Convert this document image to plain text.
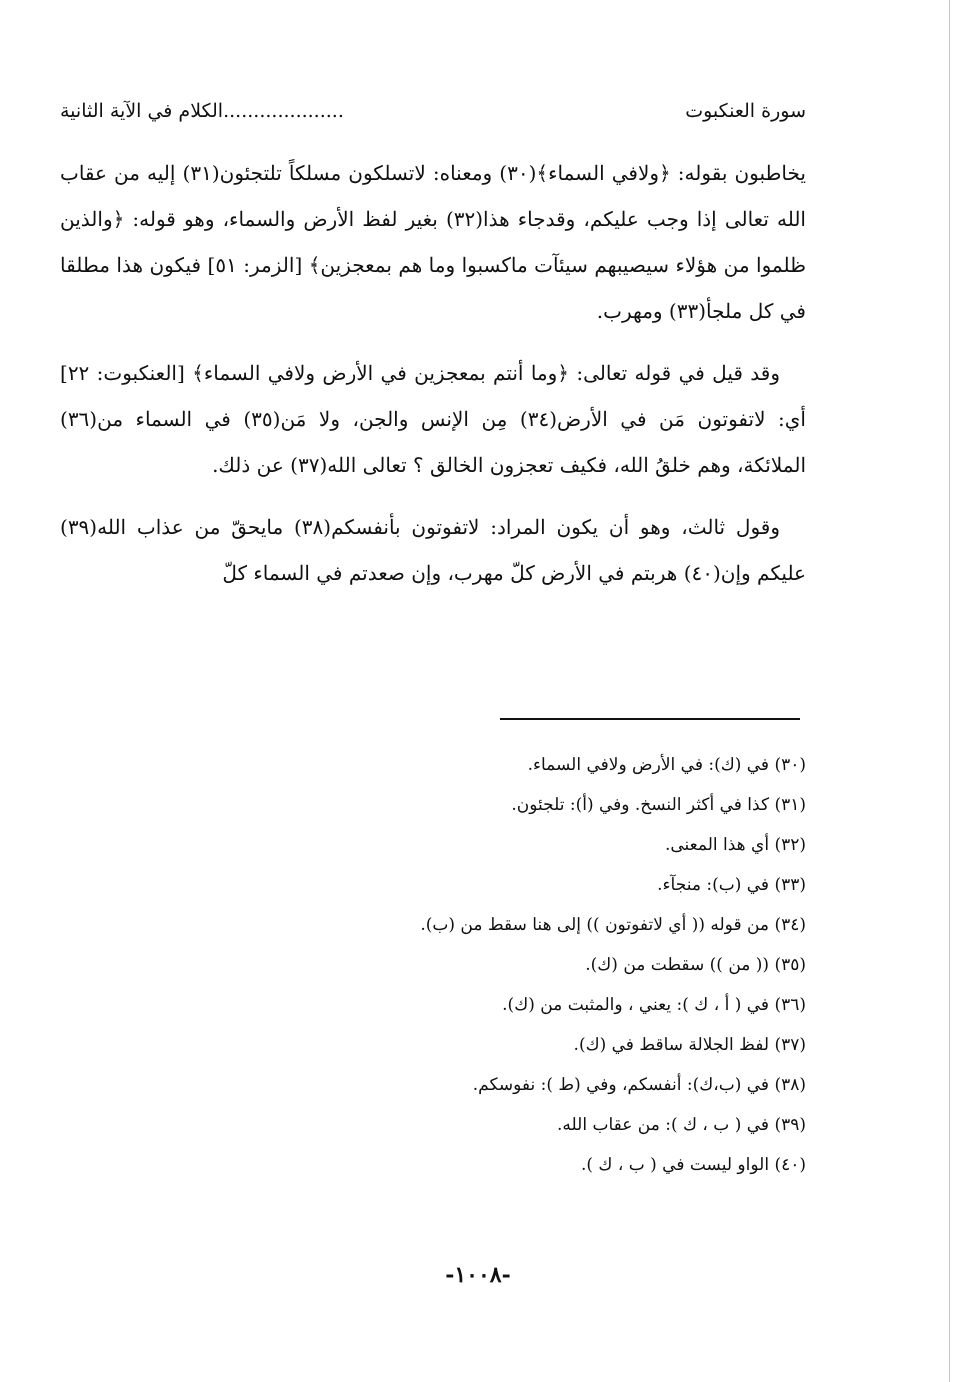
سورة العنكبوت
....................الكلام في الآية الثانية

يخاطبون بقوله: ﴿ولافي السماء﴾(٣٠) ومعناه: لاتسلكون مسلكاً تلتجئون(٣١) إليه من عقاب الله تعالى إذا وجب عليكم، وقدجاء هذا(٣٢) بغير لفظ الأرض والسماء، وهو قوله: ﴿والذين ظلموا من هؤلاء سيصيبهم سيئآت ماكسبوا وما هم بمعجزين﴾ [الزمر: ٥١] فيكون هذا مطلقا في كل ملجأ(٣٣) ومهرب.

وقد قيل في قوله تعالى: ﴿وما أنتم بمعجزين في الأرض ولافي السماء﴾ [العنكبوت: ٢٢] أي: لاتفوتون مَن في الأرض(٣٤) مِن الإنس والجن، ولا مَن(٣٥) في السماء من(٣٦) الملائكة، وهم خلقُ الله، فكيف تعجزون الخالق ؟ تعالى الله(٣٧) عن ذلك.

وقول ثالث، وهو أن يكون المراد: لاتفوتون بأنفسكم(٣٨) مايحقّ من عذاب الله(٣٩) عليكم وإن(٤٠) هربتم في الأرض كلّ مهرب، وإن صعدتم في السماء كلّ

(٣٠) في (ك): في الأرض ولافي السماء.
(٣١) كذا في أكثر النسخ. وفي (أ): تلجئون.
(٣٢) أي هذا المعنى.
(٣٣) في (ب): منجآء.
(٣٤) من قوله (( أي لاتفوتون )) إلى هنا سقط من (ب).
(٣٥) (( من )) سقطت من (ك).
(٣٦) في ( أ ، ك ): يعني ، والمثبت من (ك).
(٣٧) لفظ الجلالة ساقط في (ك).
(٣٨) في (ب،ك): أنفسكم، وفي (ط ): نفوسكم.
(٣٩) في ( ب ، ك ): من عقاب الله.
(٤٠) الواو ليست في ( ب ، ك ).
-١٠٠٨-
